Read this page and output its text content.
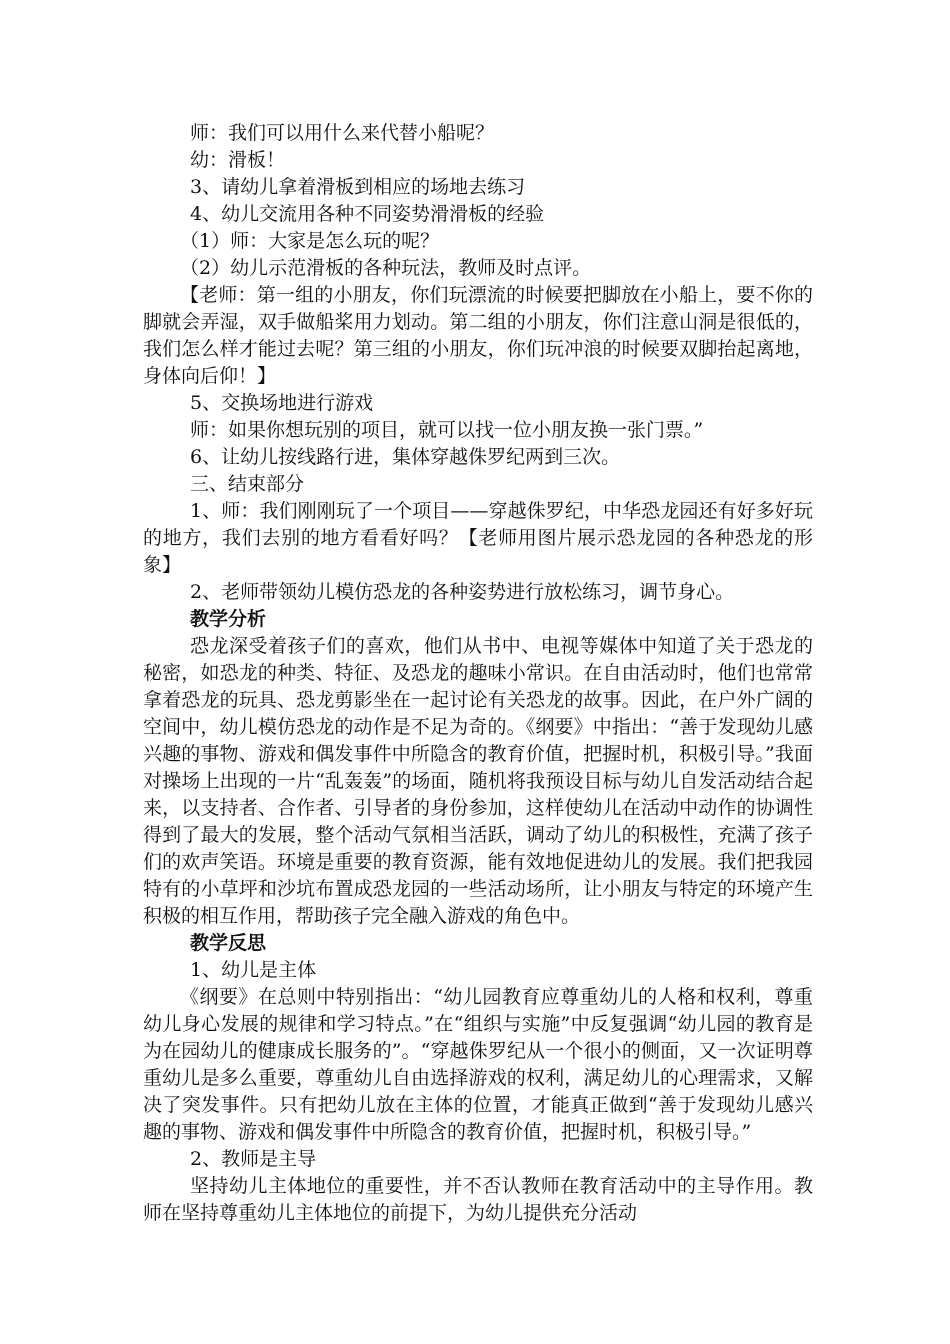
师：我们可以用什么来代替小船呢？

幼：滑板！

3、请幼儿拿着滑板到相应的场地去练习

4、幼儿交流用各种不同姿势滑滑板的经验

（1）师：大家是怎么玩的呢？

（2）幼儿示范滑板的各种玩法，教师及时点评。

【老师：第一组的小朋友，你们玩漂流的时候要把脚放在小船上，要不你的脚就会弄湿，双手做船桨用力划动。第二组的小朋友，你们注意山洞是很低的，我们怎么样才能过去呢？第三组的小朋友，你们玩冲浪的时候要双脚抬起离地，身体向后仰！】

5、交换场地进行游戏

师：如果你想玩别的项目，就可以找一位小朋友换一张门票。”

6、让幼儿按线路行进，集体穿越侏罗纪两到三次。

三、结束部分

1、师：我们刚刚玩了一个项目——穿越侏罗纪，中华恐龙园还有好多好玩的地方，我们去别的地方看看好吗？【老师用图片展示恐龙园的各种恐龙的形象】

2、老师带领幼儿模仿恐龙的各种姿势进行放松练习，调节身心。

教学分析

恐龙深受着孩子们的喜欢，他们从书中、电视等媒体中知道了关于恐龙的秘密，如恐龙的种类、特征、及恐龙的趣味小常识。在自由活动时，他们也常常拿着恐龙的玩具、恐龙剪影坐在一起讨论有关恐龙的故事。因此，在户外广阔的空间中，幼儿模仿恐龙的动作是不足为奇的。《纲要》中指出：“善于发现幼儿感兴趣的事物、游戏和偶发事件中所隐含的教育价值，把握时机，积极引导。”我面对操场上出现的一片“乱轰轰”的场面，随机将我预设目标与幼儿自发活动结合起来，以支持者、合作者、引导者的身份参加，这样使幼儿在活动中动作的协调性得到了最大的发展，整个活动气氛相当活跃，调动了幼儿的积极性，充满了孩子们的欢声笑语。环境是重要的教育资源，能有效地促进幼儿的发展。我们把我园特有的小草坪和沙坑布置成恐龙园的一些活动场所，让小朋友与特定的环境产生积极的相互作用，帮助孩子完全融入游戏的角色中。

教学反思

1、幼儿是主体

《纲要》在总则中特别指出：“幼儿园教育应尊重幼儿的人格和权利，尊重幼儿身心发展的规律和学习特点。”在“组织与实施”中反复强调“幼儿园的教育是为在园幼儿的健康成长服务的”。“穿越侏罗纪从一个很小的侧面，又一次证明尊重幼儿是多么重要，尊重幼儿自由选择游戏的权利，满足幼儿的心理需求，又解决了突发事件。只有把幼儿放在主体的位置，才能真正做到“善于发现幼儿感兴趣的事物、游戏和偶发事件中所隐含的教育价值，把握时机，积极引导。”

2、教师是主导

坚持幼儿主体地位的重要性，并不否认教师在教育活动中的主导作用。教师在坚持尊重幼儿主体地位的前提下，为幼儿提供充分活动
